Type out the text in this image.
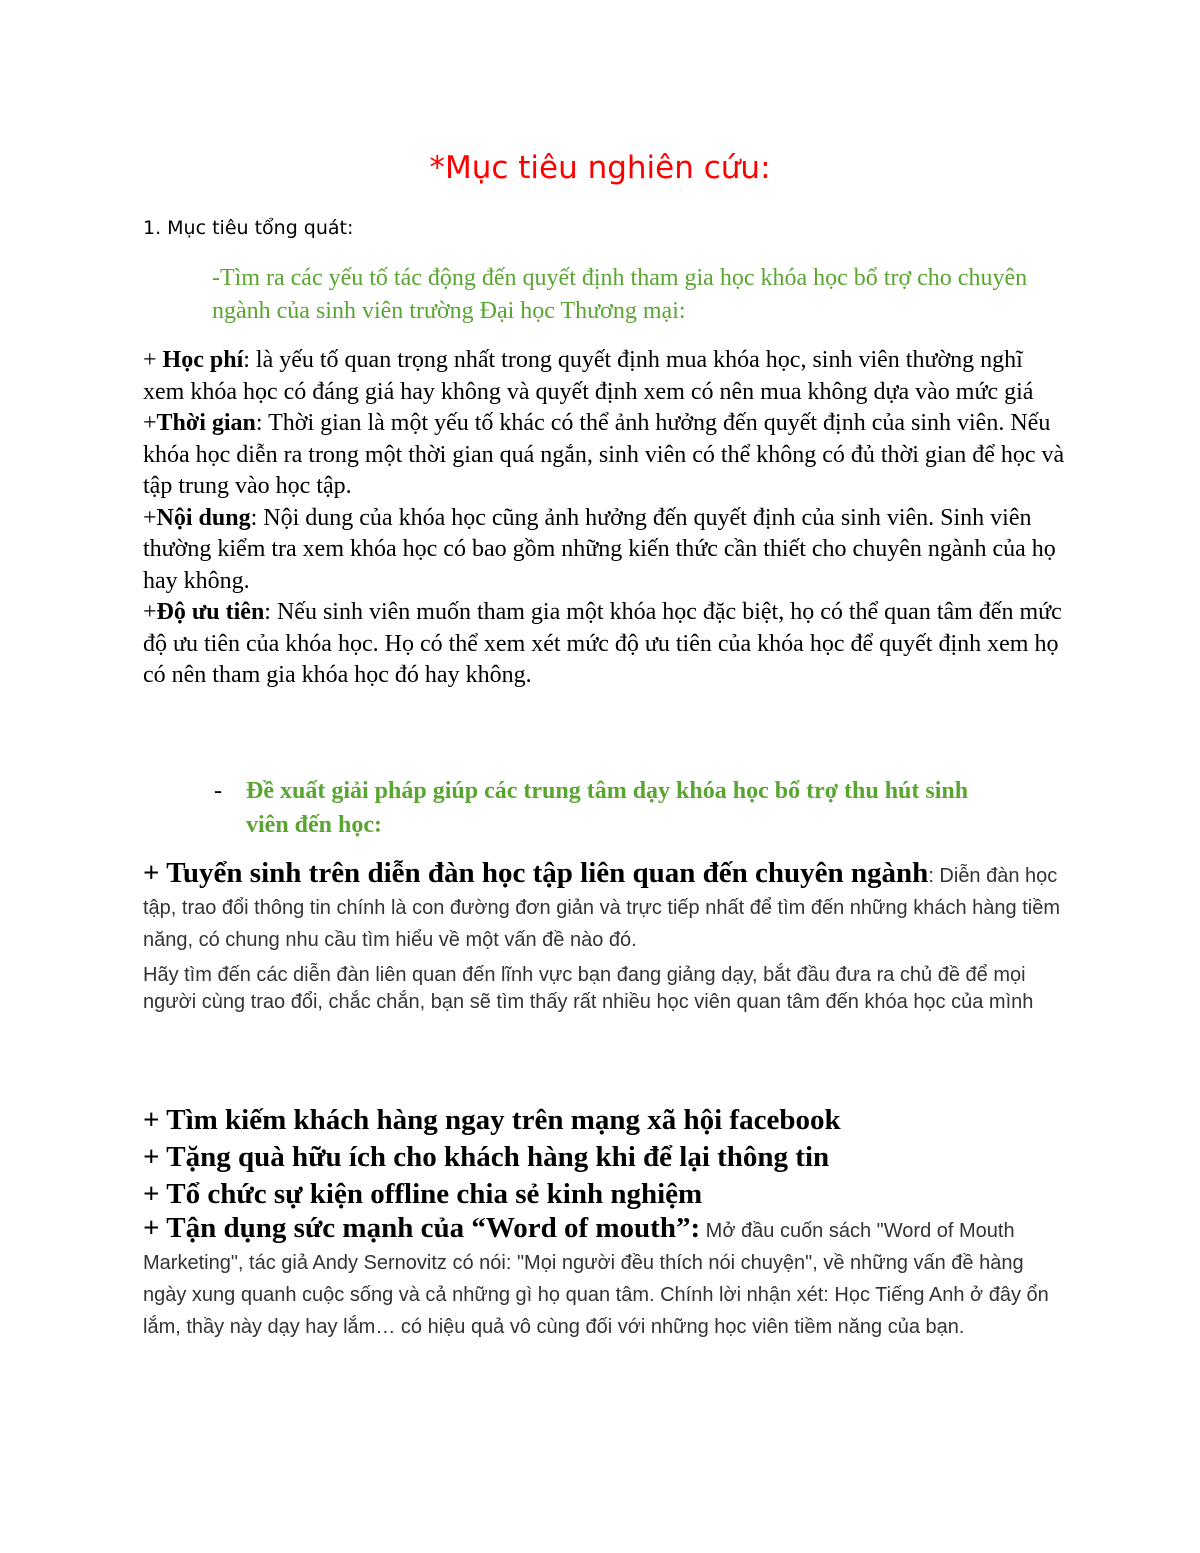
*Mục tiêu nghiên cứu:
1. Mục tiêu tổng quát:
-Tìm ra các yếu tố tác động đến quyết định tham gia học khóa học bổ trợ cho chuyên ngành của sinh viên trường Đại học Thương mại:
+ Học phí: là yếu tố quan trọng nhất trong quyết định mua khóa học, sinh viên thường nghĩ xem khóa học có đáng giá hay không và quyết định xem có nên mua không dựa vào mức giá
+Thời gian: Thời gian là một yếu tố khác có thể ảnh hưởng đến quyết định của sinh viên. Nếu khóa học diễn ra trong một thời gian quá ngắn, sinh viên có thể không có đủ thời gian để học và tập trung vào học tập.
+Nội dung: Nội dung của khóa học cũng ảnh hưởng đến quyết định của sinh viên. Sinh viên thường kiểm tra xem khóa học có bao gồm những kiến thức cần thiết cho chuyên ngành của họ hay không.
+Độ ưu tiên: Nếu sinh viên muốn tham gia một khóa học đặc biệt, họ có thể quan tâm đến mức độ ưu tiên của khóa học. Họ có thể xem xét mức độ ưu tiên của khóa học để quyết định xem họ có nên tham gia khóa học đó hay không.
- Đề xuất giải pháp giúp các trung tâm dạy khóa học bổ trợ thu hút sinh
viên đến học:
+ Tuyển sinh trên diễn đàn học tập liên quan đến chuyên ngành: Diễn đàn học tập, trao đổi thông tin chính là con đường đơn giản và trực tiếp nhất để tìm đến những khách hàng tiềm năng, có chung nhu cầu tìm hiểu về một vấn đề nào đó.
Hãy tìm đến các diễn đàn liên quan đến lĩnh vực bạn đang giảng dạy, bắt đầu đưa ra chủ đề để mọi người cùng trao đổi, chắc chắn, bạn sẽ tìm thấy rất nhiều học viên quan tâm đến khóa học của mình
+ Tìm kiếm khách hàng ngay trên mạng xã hội facebook
+ Tặng quà hữu ích cho khách hàng khi để lại thông tin
+ Tổ chức sự kiện offline chia sẻ kinh nghiệm
+ Tận dụng sức mạnh của “Word of mouth”: Mở đầu cuốn sách "Word of Mouth Marketing", tác giả Andy Sernovitz có nói: "Mọi người đều thích nói chuyện", về những vấn đề hàng ngày xung quanh cuộc sống và cả những gì họ quan tâm. Chính lời nhận xét: Học Tiếng Anh ở đây ổn lắm, thầy này dạy hay lắm… có hiệu quả vô cùng đối với những học viên tiềm năng của bạn.
